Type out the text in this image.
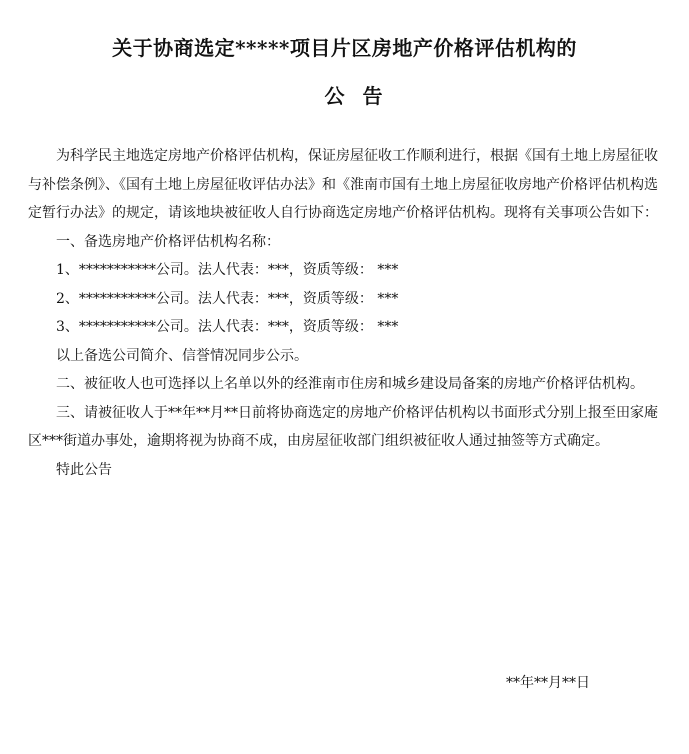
关于协商选定*****项目片区房地产价格评估机构的
公告

为科学民主地选定房地产价格评估机构，保证房屋征收工作顺利进行，根据《国有土地上房屋征收与补偿条例》、《国有土地上房屋征收评估办法》和《淮南市国有土地上房屋征收房地产价格评估机构选定暂行办法》的规定，请该地块被征收人自行协商选定房地产价格评估机构。现将有关事项公告如下：

一、备选房地产价格评估机构名称：

1、***********公司。法人代表：***，资质等级： ***

2、***********公司。法人代表：***，资质等级： ***

3、***********公司。法人代表：***，资质等级： ***

以上备选公司简介、信誉情况同步公示。

二、被征收人也可选择以上名单以外的经淮南市住房和城乡建设局备案的房地产价格评估机构。

三、请被征收人于**年**月**日前将协商选定的房地产价格评估机构以书面形式分别上报至田家庵区***街道办事处，逾期将视为协商不成，由房屋征收部门组织被征收人通过抽签等方式确定。

特此公告

**年**月**日
